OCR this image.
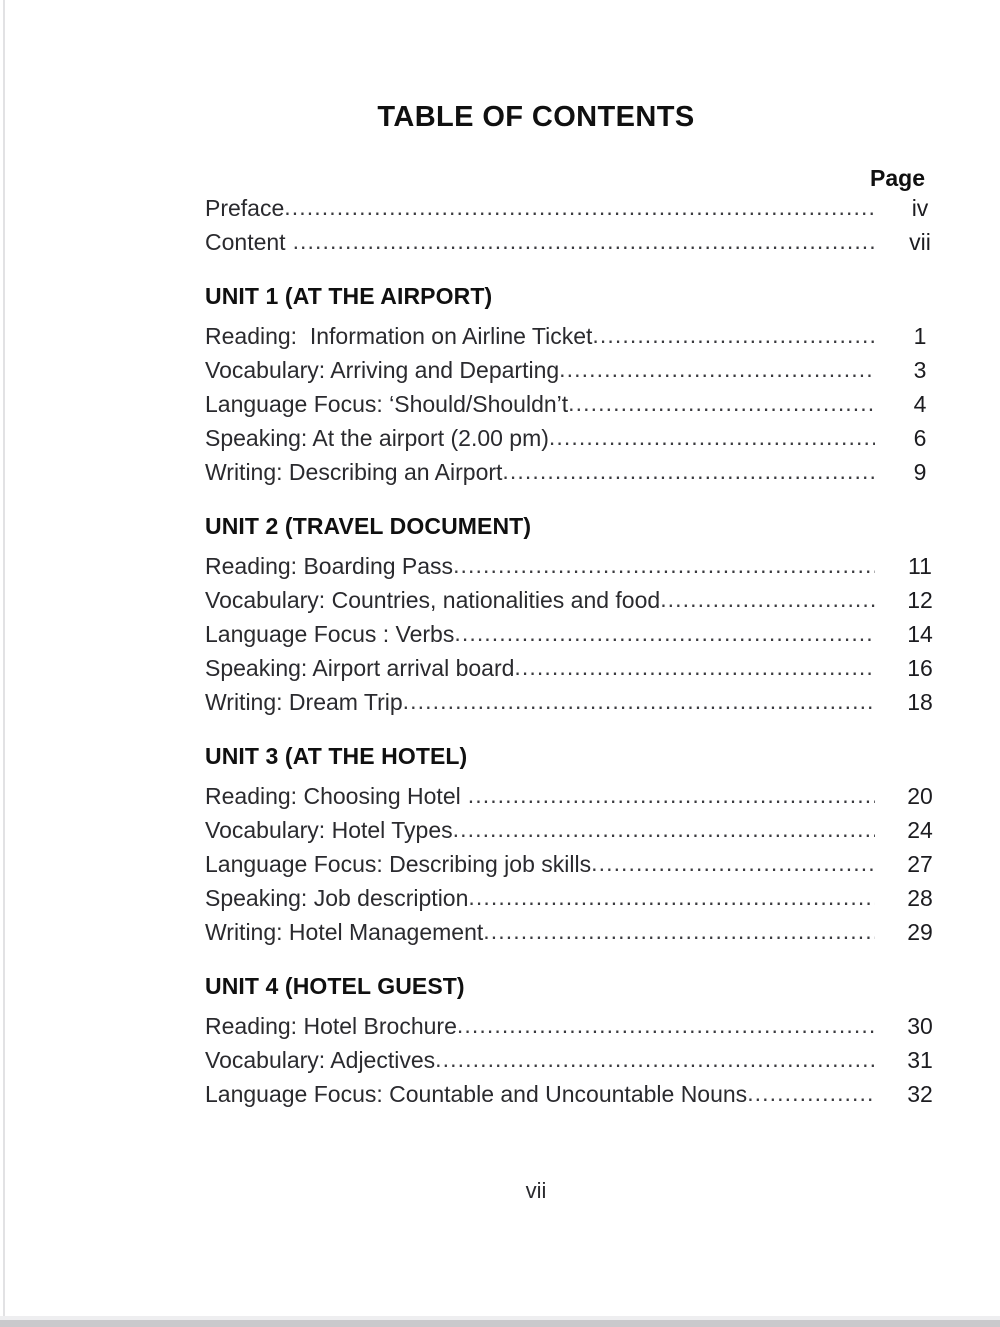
TABLE OF CONTENTS
Page
Preface .....	iv
Content .....	vii
UNIT 1 (AT THE AIRPORT)
Reading:  Information on Airline Ticket .....	1
Vocabulary: Arriving and Departing .....	3
Language Focus: ‘Should/Shouldn’t .....	4
Speaking: At the airport (2.00 pm) .....	6
Writing: Describing an Airport .....	9
UNIT 2 (TRAVEL DOCUMENT)
Reading: Boarding Pass .....	11
Vocabulary: Countries, nationalities and food .....	12
Language Focus : Verbs .....	14
Speaking: Airport arrival board .....	16
Writing: Dream Trip .....	18
UNIT 3 (AT THE HOTEL)
Reading: Choosing Hotel .....	20
Vocabulary: Hotel Types .....	24
Language Focus: Describing job skills .....	27
Speaking: Job description .....	28
Writing: Hotel Management .....	29
UNIT 4 (HOTEL GUEST)
Reading: Hotel Brochure .....	30
Vocabulary: Adjectives .....	31
Language Focus: Countable and Uncountable Nouns .....	32
vii
